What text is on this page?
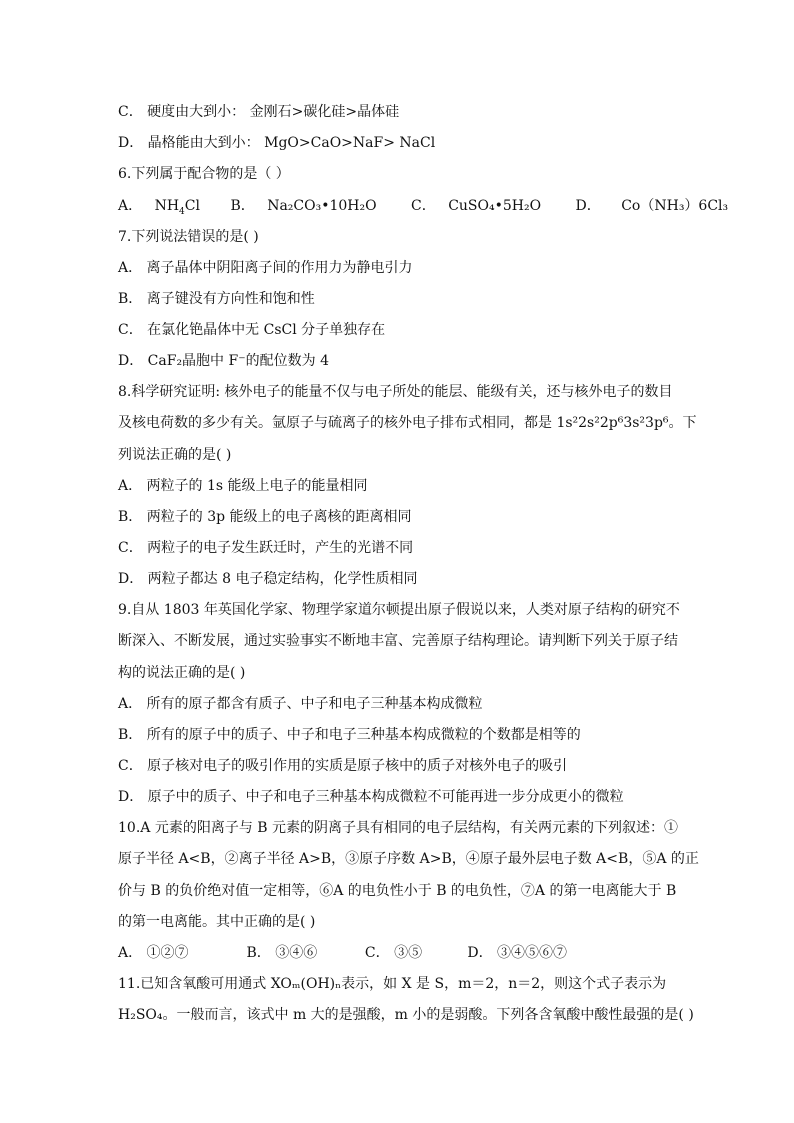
C． 硬度由大到小： 金刚石>碳化硅>晶体硅
D． 晶格能由大到小： MgO>CaO>NaF> NaCl
6.下列属于配合物的是（ ）
A． $NH_4Cl$ B． Na₂CO₃•10H₂O C． CuSO₄•5H₂O D． Co（NH₃）6Cl₃
7.下列说法错误的是( )
A． 离子晶体中阴阳离子间的作用力为静电引力
B． 离子键没有方向性和饱和性
C． 在氯化铯晶体中无 CsCl 分子单独存在
D． CaF₂晶胞中 F⁻的配位数为 4
8.科学研究证明: 核外电子的能量不仅与电子所处的能层、能级有关，还与核外电子的数目
及核电荷数的多少有关。氩原子与硫离子的核外电子排布式相同，都是 1s²2s²2p⁶3s²3p⁶。下
列说法正确的是( )
A． 两粒子的 1s 能级上电子的能量相同
B． 两粒子的 3p 能级上的电子离核的距离相同
C． 两粒子的电子发生跃迁时，产生的光谱不同
D． 两粒子都达 8 电子稳定结构，化学性质相同
9.自从 1803 年英国化学家、物理学家道尔顿提出原子假说以来，人类对原子结构的研究不
断深入、不断发展，通过实验事实不断地丰富、完善原子结构理论。请判断下列关于原子结
构的说法正确的是( )
A． 所有的原子都含有质子、中子和电子三种基本构成微粒
B． 所有的原子中的质子、中子和电子三种基本构成微粒的个数都是相等的
C． 原子核对电子的吸引作用的实质是原子核中的质子对核外电子的吸引
D． 原子中的质子、中子和电子三种基本构成微粒不可能再进一步分成更小的微粒
10.A 元素的阳离子与 B 元素的阴离子具有相同的电子层结构，有关两元素的下列叙述：①
原子半径 A<B，②离子半径 A>B，③原子序数 A>B，④原子最外层电子数 A<B，⑤A 的正
价与 B 的负价绝对值一定相等，⑥A 的电负性小于 B 的电负性，⑦A 的第一电离能大于 B
的第一电离能。其中正确的是( )
A． ①②⑦	B． ③④⑥	C． ③⑤	D． ③④⑤⑥⑦
11.已知含氧酸可用通式 XOₘ(OH)ₙ表示，如 X 是 S，m＝2，n＝2，则这个式子表示为
H₂SO₄。一般而言，该式中 m 大的是强酸，m 小的是弱酸。下列各含氧酸中酸性最强的是( )
